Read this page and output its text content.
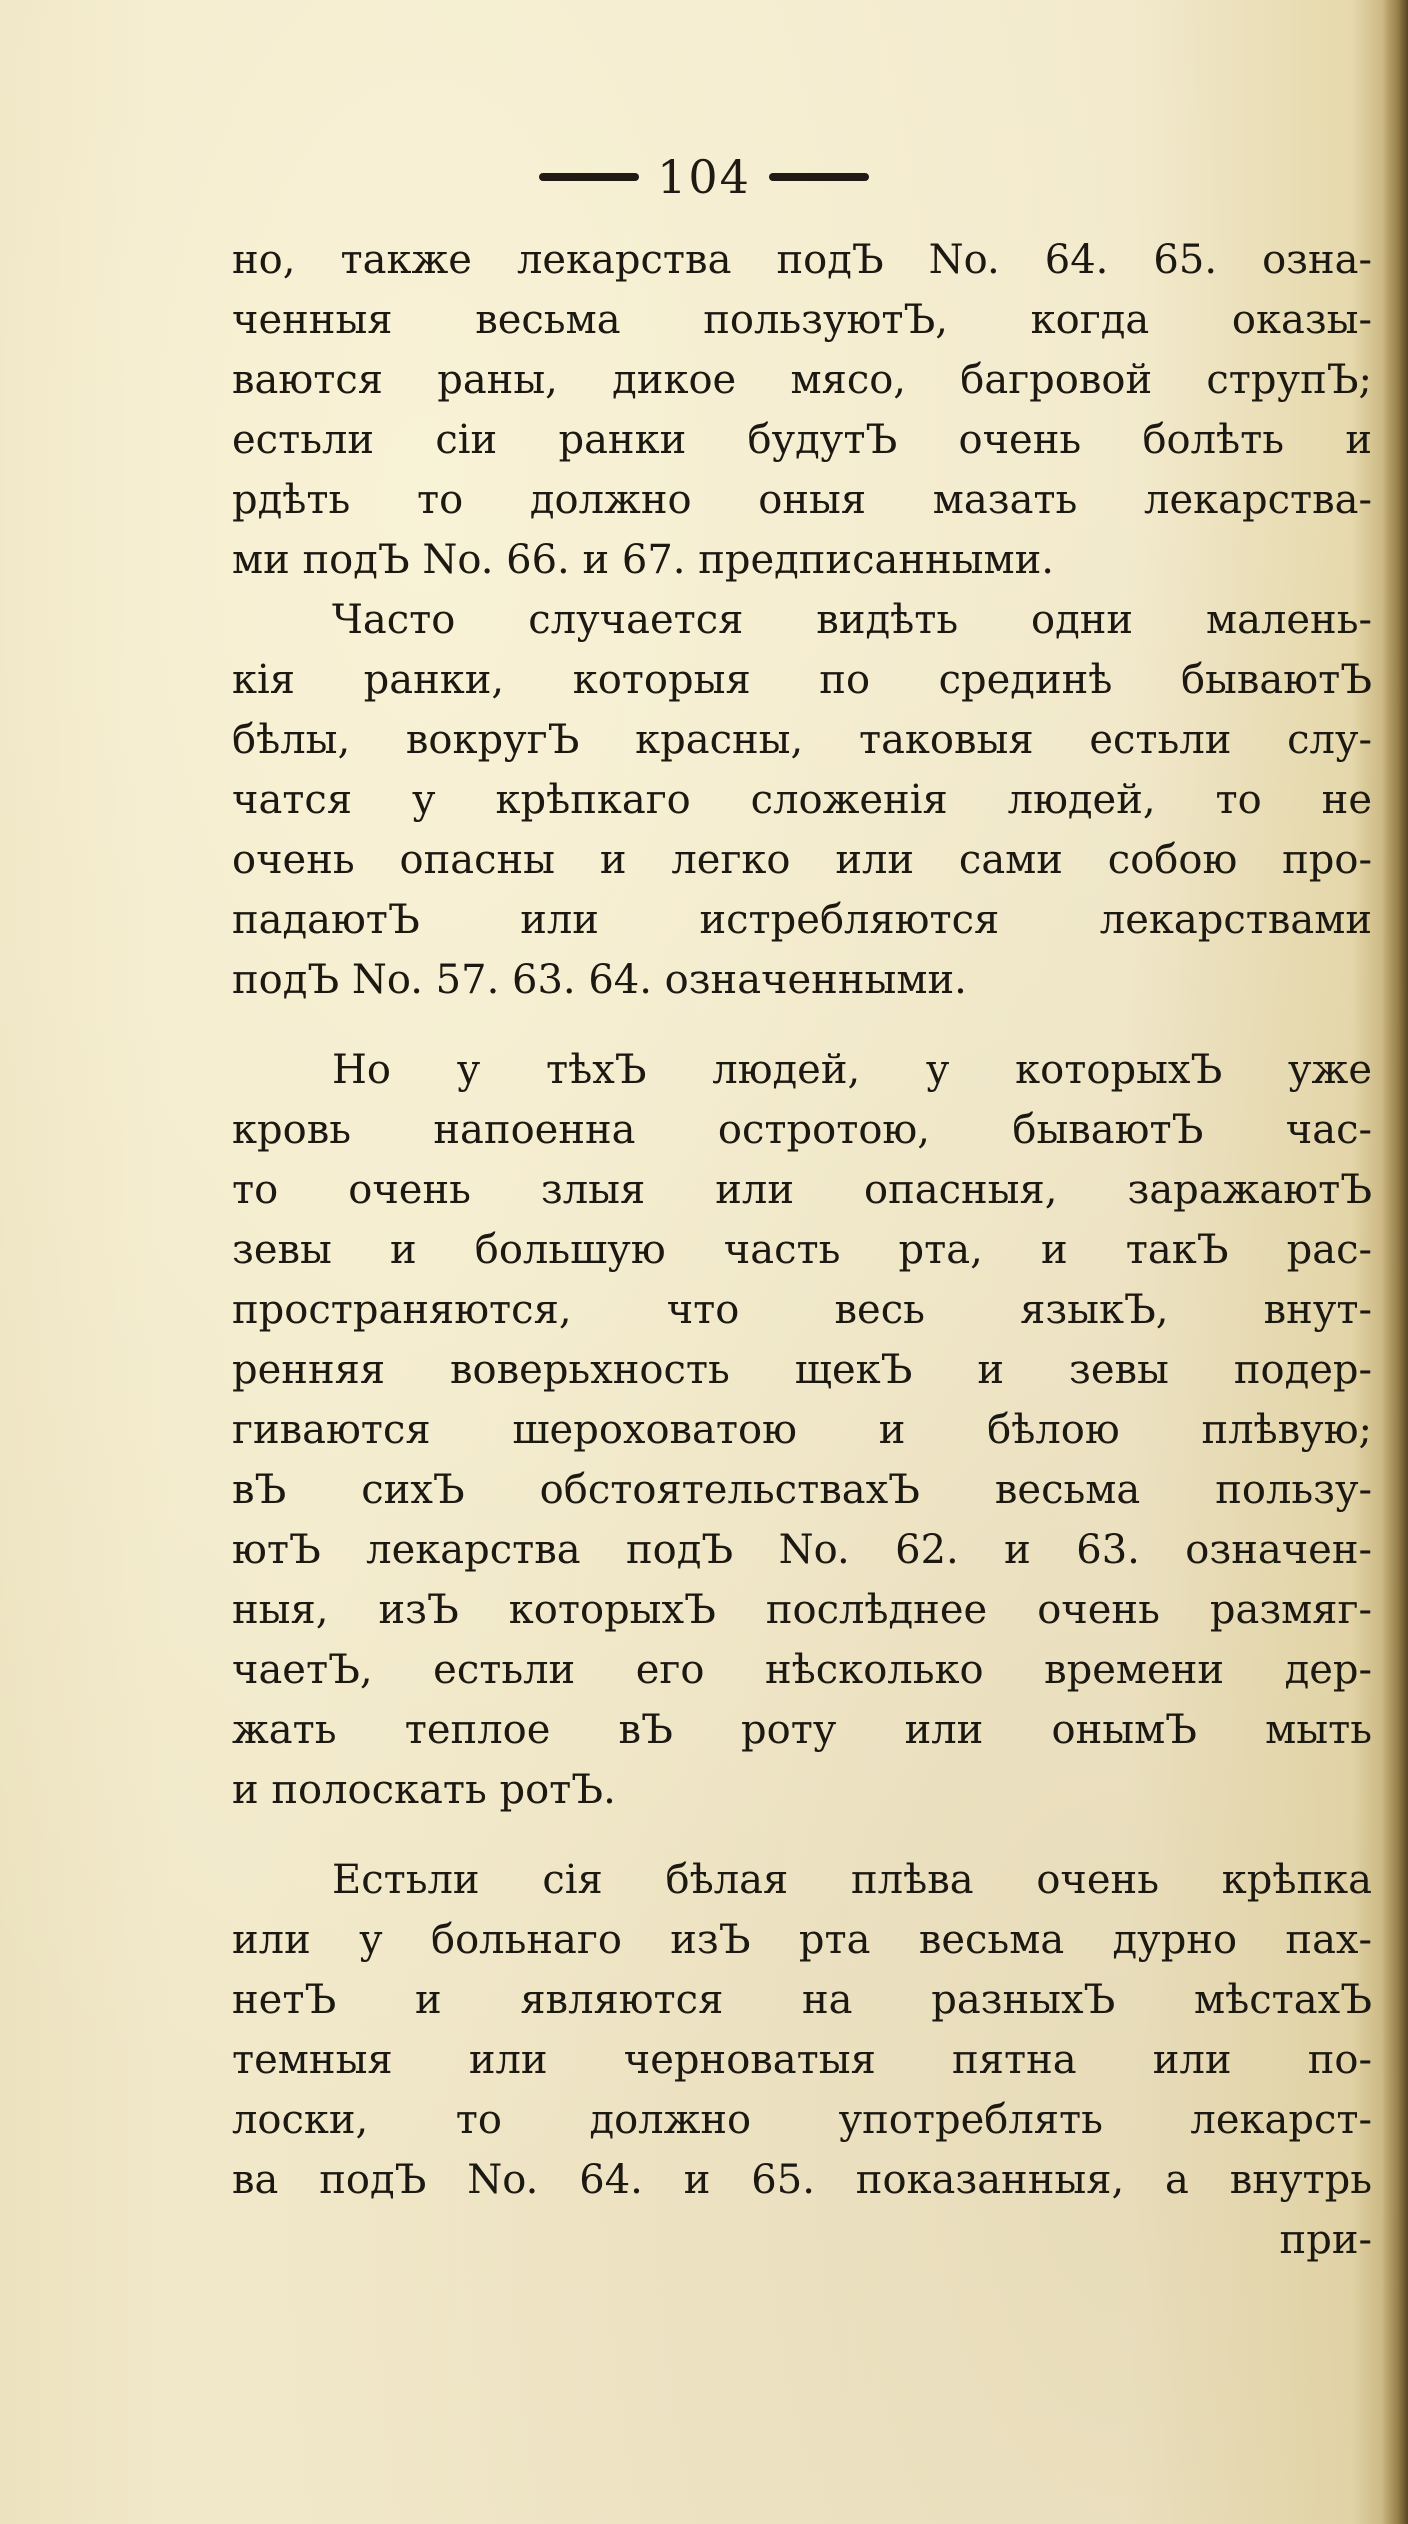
104
но, также лекарства подЪ No. 64. 65. озна-
ченныя весьма пользуютЪ, когда оказы-
ваются раны, дикое мясо, багровой струпЪ;
естьли сіи ранки будутЪ очень болѣть и
рдѣть то должно оныя мазать лекарства-
ми подЪ No. 66. и 67. предписанными.
Часто случается видѣть одни малень-
кія ранки, которыя по срединѣ бываютЪ
бѣлы, вокругЪ красны, таковыя естьли слу-
чатся у крѣпкаго сложенія людей, то не
очень опасны и легко или сами собою про-
падаютЪ или истребляются лекарствами
подЪ No. 57. 63. 64. означенными.
Но у тѣхЪ людей, у которыхЪ уже
кровь напоенна остротою, бываютЪ час-
то очень злыя или опасныя, заражаютЪ
зевы и большую часть рта, и такЪ рас-
пространяются, что весь языкЪ, внут-
ренняя воверьхность щекЪ и зевы подер-
гиваются шероховатою и бѣлою плѣвую;
вЪ сихЪ обстоятельствахЪ весьма пользу-
ютЪ лекарства подЪ No. 62. и 63. означен-
ныя, изЪ которыхЪ послѣднее очень размяг-
чаетЪ, естьли его нѣсколько времени дер-
жать теплое вЪ роту или онымЪ мыть
и полоскать ротЪ.
Естьли сія бѣлая плѣва очень крѣпка
или у больнаго изЪ рта весьма дурно пах-
нетЪ и являются на разныхЪ мѣстахЪ
темныя или черноватыя пятна или по-
лоски, то должно употреблять лекарст-
ва подЪ No. 64. и 65. показанныя, а внутрь
при-
